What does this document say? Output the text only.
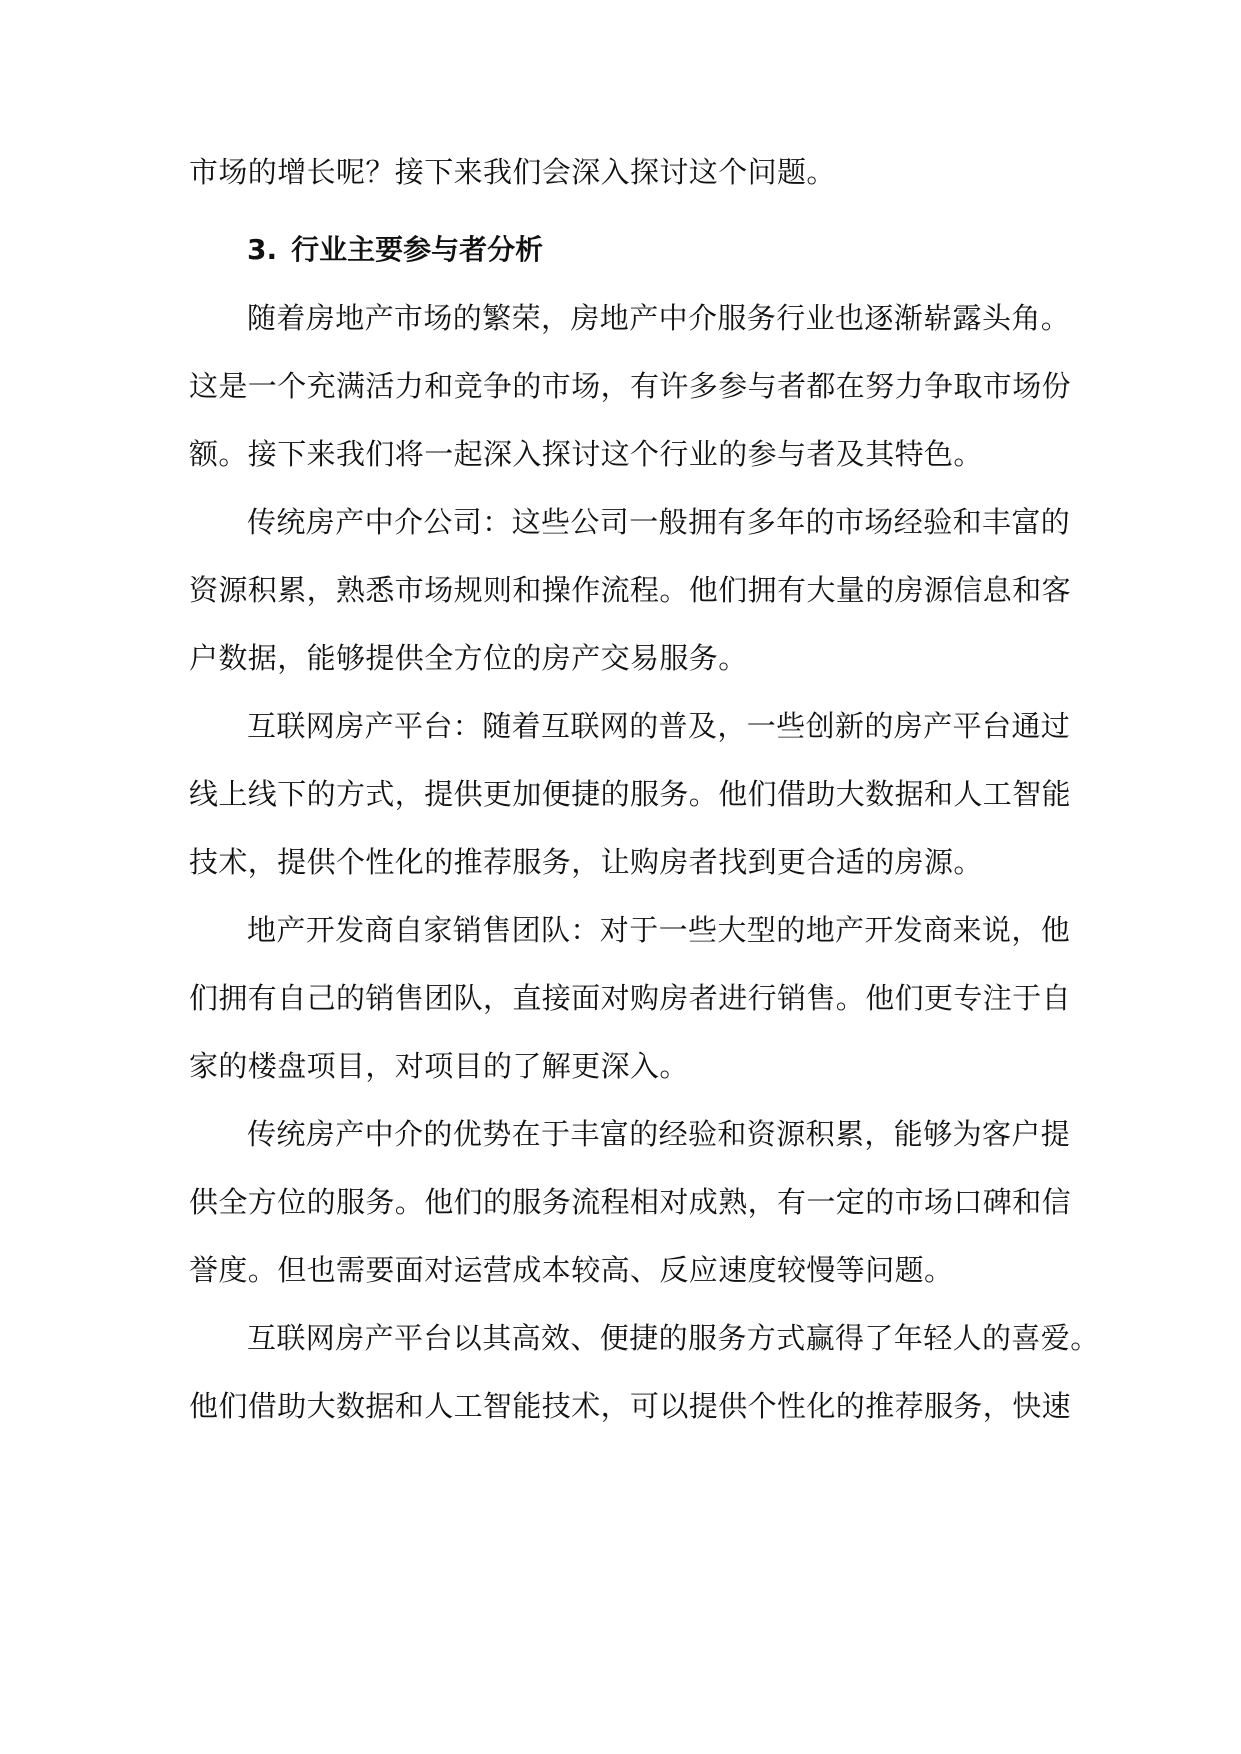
市场的增长呢？接下来我们会深入探讨这个问题。
3. 行业主要参与者分析
随着房地产市场的繁荣，房地产中介服务行业也逐渐崭露头角。
这是一个充满活力和竞争的市场，有许多参与者都在努力争取市场份
额。接下来我们将一起深入探讨这个行业的参与者及其特色。
传统房产中介公司：这些公司一般拥有多年的市场经验和丰富的
资源积累，熟悉市场规则和操作流程。他们拥有大量的房源信息和客
户数据，能够提供全方位的房产交易服务。
互联网房产平台：随着互联网的普及，一些创新的房产平台通过
线上线下的方式，提供更加便捷的服务。他们借助大数据和人工智能
技术，提供个性化的推荐服务，让购房者找到更合适的房源。
地产开发商自家销售团队：对于一些大型的地产开发商来说，他
们拥有自己的销售团队，直接面对购房者进行销售。他们更专注于自
家的楼盘项目，对项目的了解更深入。
传统房产中介的优势在于丰富的经验和资源积累，能够为客户提
供全方位的服务。他们的服务流程相对成熟，有一定的市场口碑和信
誉度。但也需要面对运营成本较高、反应速度较慢等问题。
互联网房产平台以其高效、便捷的服务方式赢得了年轻人的喜爱。
他们借助大数据和人工智能技术，可以提供个性化的推荐服务，快速
